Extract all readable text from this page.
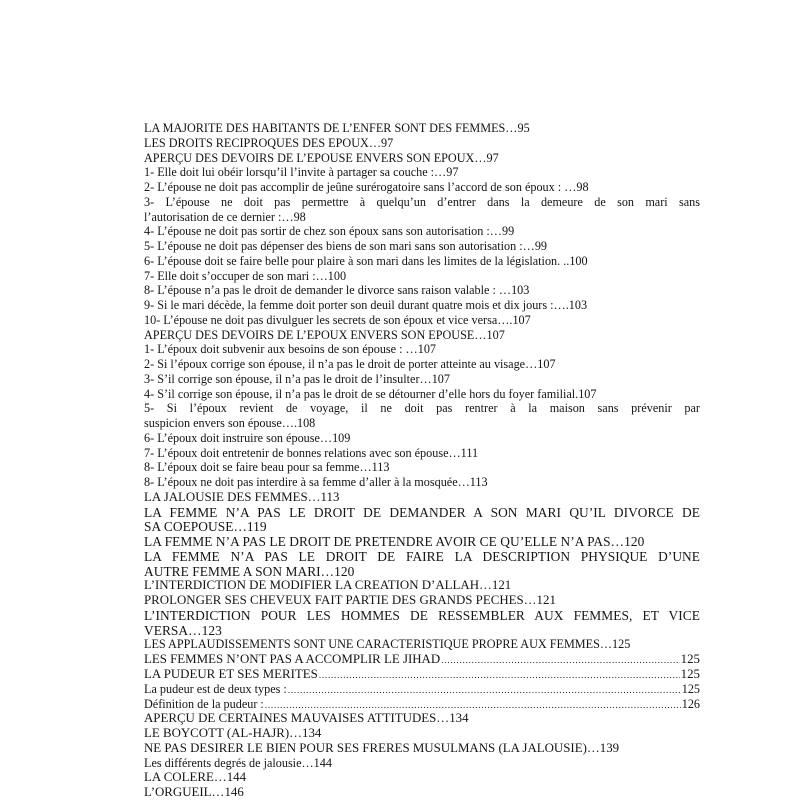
LA MAJORITE DES HABITANTS DE L’ENFER SONT DES FEMMES…95
LES DROITS RECIPROQUES DES EPOUX…97
APERÇU DES DEVOIRS DE L’EPOUSE ENVERS SON EPOUX…97
1- Elle doit lui obéir lorsqu’il l’invite à partager sa couche :…97
2- L’épouse ne doit pas accomplir de jeûne surérogatoire sans l’accord de son époux : …98
3- L’épouse ne doit pas permettre à quelqu’un d’entrer dans la demeure de son mari sans
l’autorisation de ce dernier :…98
4- L’épouse ne doit pas sortir de chez son époux sans son autorisation :…99
5- L’épouse ne doit pas dépenser des biens de son mari sans son autorisation :…99
6- L’épouse doit se faire belle pour plaire à son mari dans les limites de la législation. ..100
7- Elle doit s’occuper de son mari :…100
8- L’épouse n’a pas le droit de demander le divorce sans raison valable : …103
9- Si le mari décède, la femme doit porter son deuil durant quatre mois et dix jours :….103
10- L’épouse ne doit pas divulguer les secrets de son époux et vice versa….107
APERÇU DES DEVOIRS DE L’EPOUX ENVERS SON EPOUSE…107
1- L’époux doit subvenir aux besoins de son épouse : …107
2- Si l’époux corrige son épouse, il n’a pas le droit de porter atteinte au visage…107
3- S’il corrige son épouse, il n’a pas le droit de l’insulter…107
4- S’il corrige son épouse, il n’a pas le droit de se détourner d’elle hors du foyer familial.107
5- Si l’époux revient de voyage, il ne doit pas rentrer à la maison sans prévenir par
suspicion envers son épouse….108
6- L’époux doit instruire son épouse…109
7- L’époux doit entretenir de bonnes relations avec son épouse…111
8- L’époux doit se faire beau pour sa femme…113
8- L’époux ne doit pas interdire à sa femme d’aller à la mosquée…113
LA JALOUSIE DES FEMMES…113
LA FEMME N’A PAS LE DROIT DE DEMANDER A SON MARI QU’IL DIVORCE DE
SA COEPOUSE…119
LA FEMME N’A PAS LE DROIT DE PRETENDRE AVOIR CE QU’ELLE N’A PAS…120
LA FEMME N’A PAS LE DROIT DE FAIRE LA DESCRIPTION PHYSIQUE D’UNE
AUTRE FEMME A SON MARI…120
L’INTERDICTION DE MODIFIER LA CREATION D’ALLAH…121
PROLONGER SES CHEVEUX FAIT PARTIE DES GRANDS PECHES…121
L’INTERDICTION POUR LES HOMMES DE RESSEMBLER AUX FEMMES, ET VICE
VERSA…123
LES APPLAUDISSEMENTS SONT UNE CARACTERISTIQUE PROPRE AUX FEMMES…125
LES FEMMES N’ONT PAS A ACCOMPLIR LE JIHAD .....	125
LA PUDEUR ET SES MERITES .....	125
La pudeur est de deux types : .....	125
Définition de la pudeur : .....	126
APERÇU DE CERTAINES MAUVAISES ATTITUDES…134
LE BOYCOTT (AL-HAJR)…134
NE PAS DESIRER LE BIEN POUR SES FRERES MUSULMANS (LA JALOUSIE)…139
Les différents degrés de jalousie…144
LA COLERE…144
L’ORGUEIL…146
